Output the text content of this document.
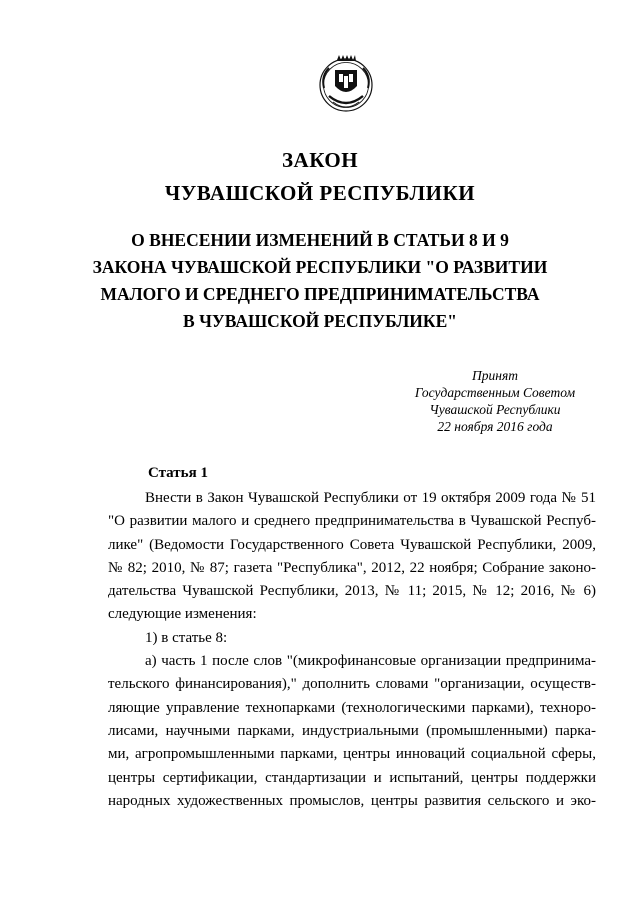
ЗАКОН
ЧУВАШСКОЙ РЕСПУБЛИКИ
О ВНЕСЕНИИ ИЗМЕНЕНИЙ В СТАТЬИ 8 И 9
ЗАКОНА ЧУВАШСКОЙ РЕСПУБЛИКИ "О РАЗВИТИИ
МАЛОГО И СРЕДНЕГО ПРЕДПРИНИМАТЕЛЬСТВА
В ЧУВАШСКОЙ РЕСПУБЛИКЕ"
Принят
Государственным Советом
Чувашской Республики
22 ноября 2016 года
Статья 1
Внести в Закон Чувашской Республики от 19 октября 2009 года № 51
"О развитии малого и среднего предпринимательства в Чувашской Респуб-
лике" (Ведомости Государственного Совета Чувашской Республики, 2009,
№ 82; 2010, № 87; газета "Республика", 2012, 22 ноября; Собрание законо-
дательства Чувашской Республики, 2013, № 11; 2015, № 12; 2016, № 6)
следующие изменения:
1) в статье 8:
а) часть 1 после слов "(микрофинансовые организации предпринима-
тельского финансирования)," дополнить словами "организации, осуществ-
ляющие управление технопарками (технологическими парками), техноpо-
лисами, научными парками, индустриальными (промышленными) парка-
ми, агропромышленными парками, центры инноваций социальной сферы,
центры сертификации, стандартизации и испытаний, центры поддержки
народных художественных промыслов, центры развития сельского и эко-
